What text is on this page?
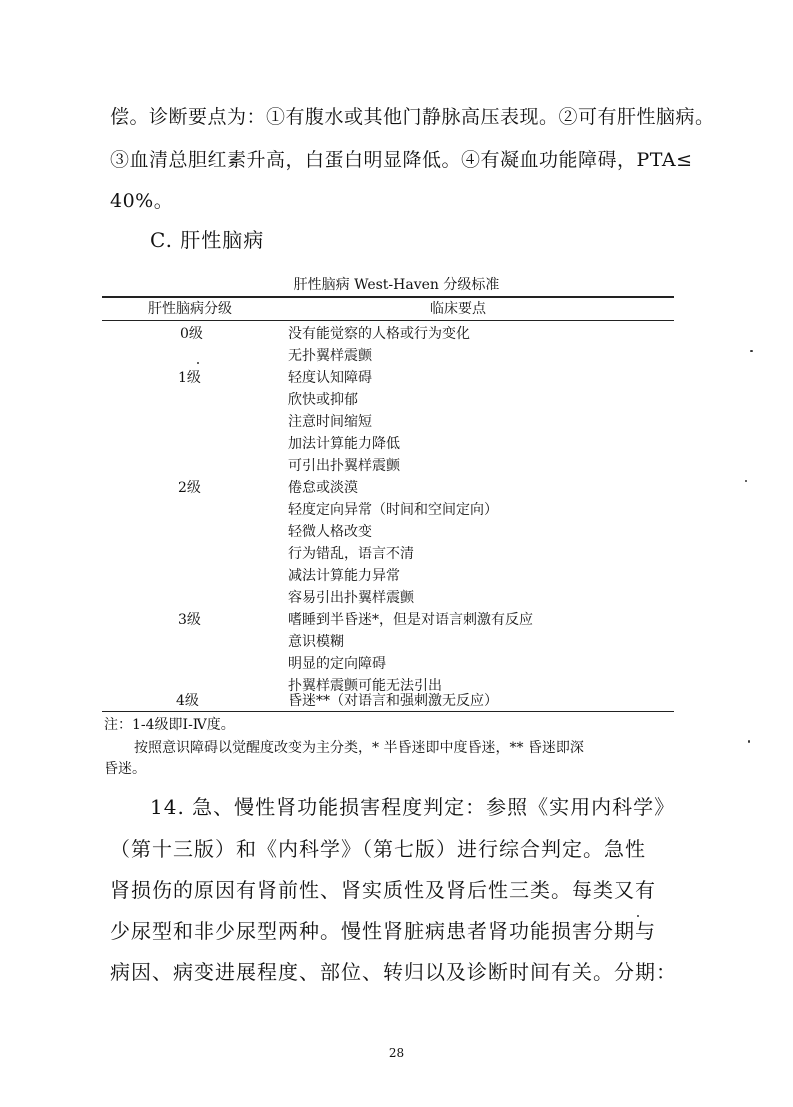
偿。诊断要点为：①有腹水或其他门静脉高压表现。②可有肝性脑病。
③血清总胆红素升高，白蛋白明显降低。④有凝血功能障碍，PTA≤
40%。
C. 肝性脑病
肝性脑病 West-Haven 分级标准
肝性脑病分级	临床要点
0级	没有能觉察的人格或行为变化
无扑翼样震颤
1级	轻度认知障碍
欣快或抑郁
注意时间缩短
加法计算能力降低
可引出扑翼样震颤
2级	倦怠或淡漠
轻度定向异常（时间和空间定向）
轻微人格改变
行为错乱，语言不清
减法计算能力异常
容易引出扑翼样震颤
3级	嗜睡到半昏迷*，但是对语言刺激有反应
意识模糊
明显的定向障碍
扑翼样震颤可能无法引出
4级	昏迷**（对语言和强刺激无反应）
注：1-4级即Ⅰ-Ⅳ度。
按照意识障碍以觉醒度改变为主分类，* 半昏迷即中度昏迷，** 昏迷即深
昏迷。
14. 急、慢性肾功能损害程度判定：参照《实用内科学》
（第十三版）和《内科学》（第七版）进行综合判定。急性
肾损伤的原因有肾前性、肾实质性及肾后性三类。每类又有
少尿型和非少尿型两种。慢性肾脏病患者肾功能损害分期与
病因、病变进展程度、部位、转归以及诊断时间有关。分期：
28
